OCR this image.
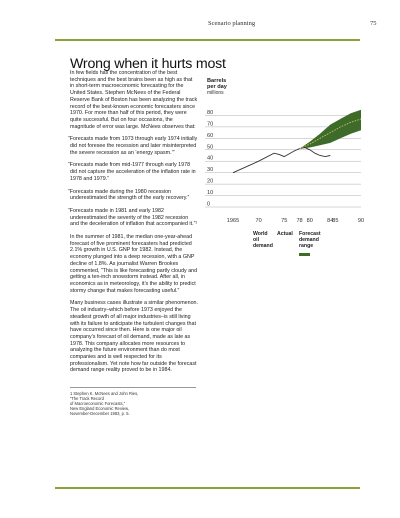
Scenario planning	75
Wrong when it hurts most

In few fields has the concentration of the best techniques and the best brains been as high as that in short-term macroeconomic forecasting for the United States. Stephen McNees of the Federal Reserve Bank of Boston has been analyzing the track record of the best-known economic forecasters since 1970. For more than half of this period, they were quite successful. But on four occasions, the magnitude of error was large. McNees observes that:

“Forecasts made from 1973 through early 1974 initially did not foresee the recession and later misinterpreted the severe recession as an ‘energy spasm.’”

“Forecasts made from mid-1977 through early 1978 did not capture the acceleration of the inflation rate in 1978 and 1979.”

“Forecasts made during the 1980 recession underestimated the strength of the early recovery.”

“Forecasts made in 1981 and early 1982 underestimated the severity of the 1982 recession and the deceleration of inflation that accompanied it.”¹

In the summer of 1981, the median one-year-ahead forecast of five prominent forecasters had predicted 2.1% growth in U.S. GNP for 1982. Instead, the economy plunged into a deep recession, with a GNP decline of 1.8%. As journalist Warren Brookes commented, “This is like forecasting partly cloudy and getting a ten-inch snowstorm instead. After all, in economics as in meteorology, it’s the ability to predict stormy change that makes forecasting useful.”

Many business cases illustrate a similar phenomenon. The oil industry–which before 1973 enjoyed the steadiest growth of all major industries–is still living with its failure to anticipate the turbulent changes that have occurred since then. Here is one major oil company’s forecast of oil demand, made as late as 1978. This company allocates more resources to analyzing the future environment than do most companies and is well respected for its professionalism. Yet note how far outside the forecast demand range reality proved to be in 1984.

1 Stephen K. McNees and John Ries,

“The Track Record

of Macroeconomic Forecasts,”

New England Economic Review,

November-December 1983, p. 5.

0
10
20
30
40
50
60
70
80
1965	70	75 78 80	84
85	90
World
oil
demand
Actual Forecast
demand
range
Barrels
per day
millions
